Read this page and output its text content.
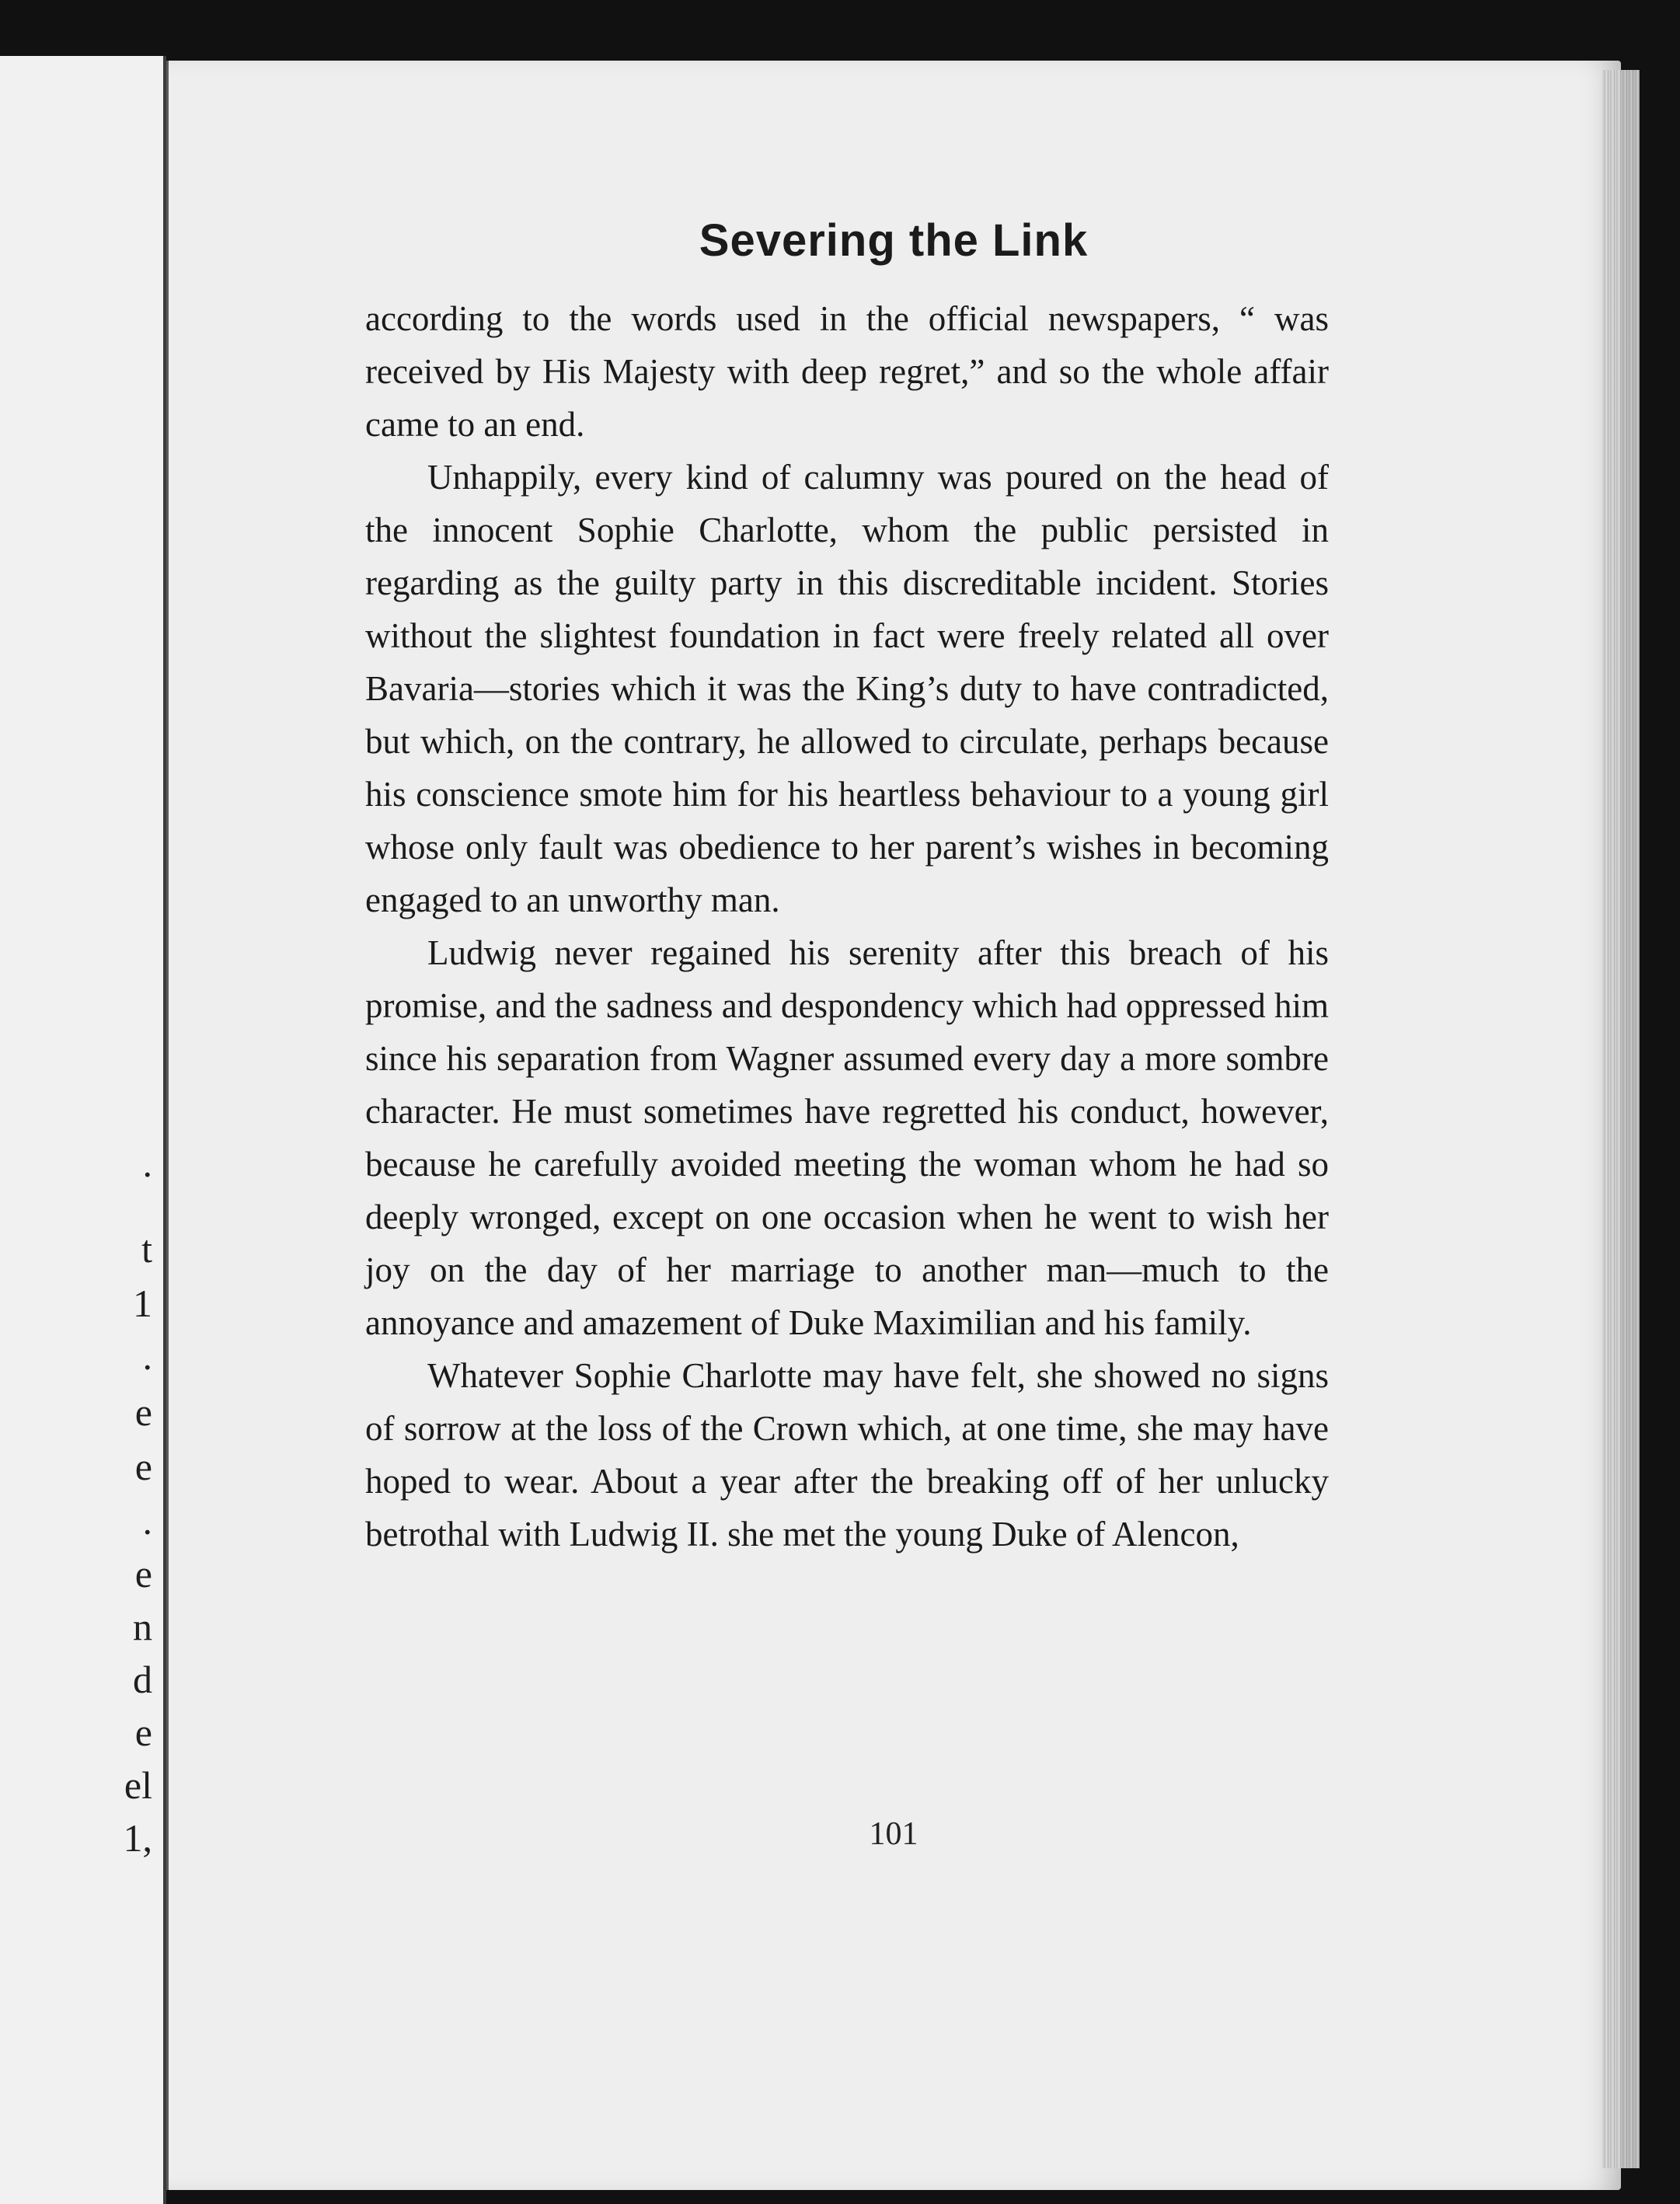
.
t
1
.
e
e
.
e
n
d
e
el
1,
Severing the Link

according to the words used in the official newspapers, “ was received by His Majesty with deep regret,” and so the whole affair came to an end.

Unhappily, every kind of calumny was poured on the head of the innocent Sophie Charlotte, whom the public persisted in regarding as the guilty party in this discreditable incident. Stories without the slightest foundation in fact were freely related all over Bavaria—stories which it was the King’s duty to have contradicted, but which, on the contrary, he allowed to circulate, perhaps because his conscience smote him for his heartless behaviour to a young girl whose only fault was obedience to her parent’s wishes in becoming engaged to an unworthy man.

Ludwig never regained his serenity after this breach of his promise, and the sadness and despondency which had oppressed him since his separation from Wagner assumed every day a more sombre character. He must sometimes have regretted his conduct, however, because he carefully avoided meeting the woman whom he had so deeply wronged, except on one occasion when he went to wish her joy on the day of her marriage to another man—much to the annoyance and amazement of Duke Maximilian and his family.

Whatever Sophie Charlotte may have felt, she showed no signs of sorrow at the loss of the Crown which, at one time, she may have hoped to wear. About a year after the breaking off of her unlucky betrothal with Ludwig II. she met the young Duke of Alencon,

101
